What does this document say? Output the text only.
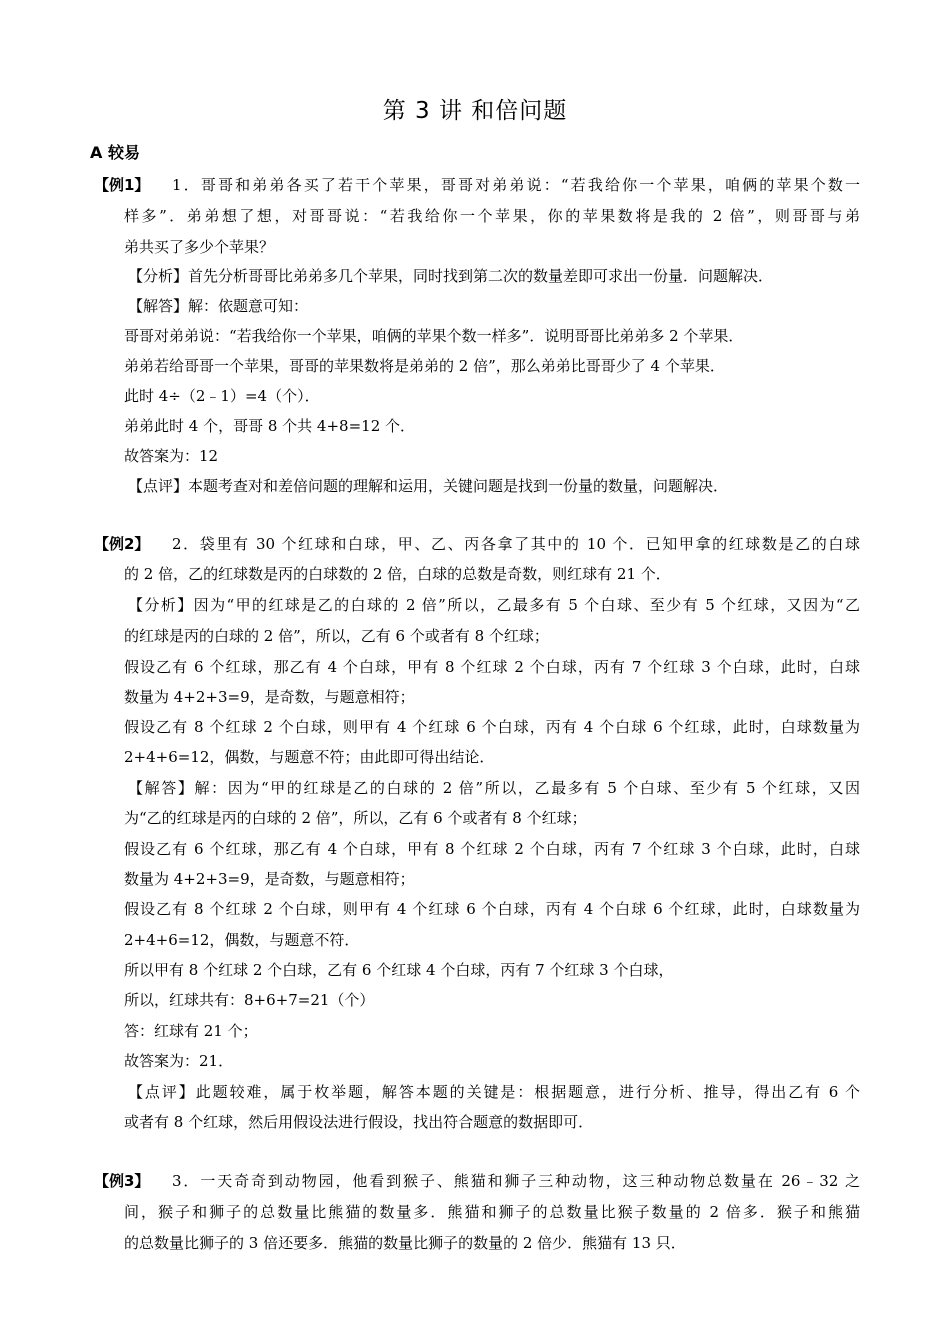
第 3 讲 和倍问题
A 较易
【例1】 1．哥哥和弟弟各买了若干个苹果，哥哥对弟弟说：“若我给你一个苹果，咱俩的苹果个数一
样多”．弟弟想了想，对哥哥说：“若我给你一个苹果，你的苹果数将是我的 2 倍”，则哥哥与弟
弟共买了多少个苹果？
【分析】首先分析哥哥比弟弟多几个苹果，同时找到第二次的数量差即可求出一份量．问题解决．
【解答】解：依题意可知：
哥哥对弟弟说：“若我给你一个苹果，咱俩的苹果个数一样多”．说明哥哥比弟弟多 2 个苹果．
弟弟若给哥哥一个苹果，哥哥的苹果数将是弟弟的 2 倍”，那么弟弟比哥哥少了 4 个苹果．
此时 4÷（2﹣1）=4（个）．
弟弟此时 4 个，哥哥 8 个共 4+8=12 个．
故答案为：12
【点评】本题考查对和差倍问题的理解和运用，关键问题是找到一份量的数量，问题解决．
【例2】 2．袋里有 30 个红球和白球，甲、乙、丙各拿了其中的 10 个．已知甲拿的红球数是乙的白球
的 2 倍，乙的红球数是丙的白球数的 2 倍，白球的总数是奇数，则红球有 21 个．
【分析】因为“甲的红球是乙的白球的 2 倍”所以，乙最多有 5 个白球、至少有 5 个红球，又因为“乙
的红球是丙的白球的 2 倍”，所以，乙有 6 个或者有 8 个红球；
假设乙有 6 个红球，那乙有 4 个白球，甲有 8 个红球 2 个白球，丙有 7 个红球 3 个白球，此时，白球
数量为 4+2+3=9，是奇数，与题意相符；
假设乙有 8 个红球 2 个白球，则甲有 4 个红球 6 个白球，丙有 4 个白球 6 个红球，此时，白球数量为
2+4+6=12，偶数，与题意不符；由此即可得出结论．
【解答】解：因为“甲的红球是乙的白球的 2 倍”所以，乙最多有 5 个白球、至少有 5 个红球，又因
为“乙的红球是丙的白球的 2 倍”，所以，乙有 6 个或者有 8 个红球；
假设乙有 6 个红球，那乙有 4 个白球，甲有 8 个红球 2 个白球，丙有 7 个红球 3 个白球，此时，白球
数量为 4+2+3=9，是奇数，与题意相符；
假设乙有 8 个红球 2 个白球，则甲有 4 个红球 6 个白球，丙有 4 个白球 6 个红球，此时，白球数量为
2+4+6=12，偶数，与题意不符．
所以甲有 8 个红球 2 个白球，乙有 6 个红球 4 个白球，丙有 7 个红球 3 个白球，
所以，红球共有：8+6+7=21（个）
答：红球有 21 个；
故答案为：21．
【点评】此题较难，属于枚举题，解答本题的关键是：根据题意，进行分析、推导，得出乙有 6 个
或者有 8 个红球，然后用假设法进行假设，找出符合题意的数据即可．
【例3】 3．一天奇奇到动物园，他看到猴子、熊猫和狮子三种动物，这三种动物总数量在 26﹣32 之
间，猴子和狮子的总数量比熊猫的数量多．熊猫和狮子的总数量比猴子数量的 2 倍多．猴子和熊猫
的总数量比狮子的 3 倍还要多．熊猫的数量比狮子的数量的 2 倍少．熊猫有 13 只．
